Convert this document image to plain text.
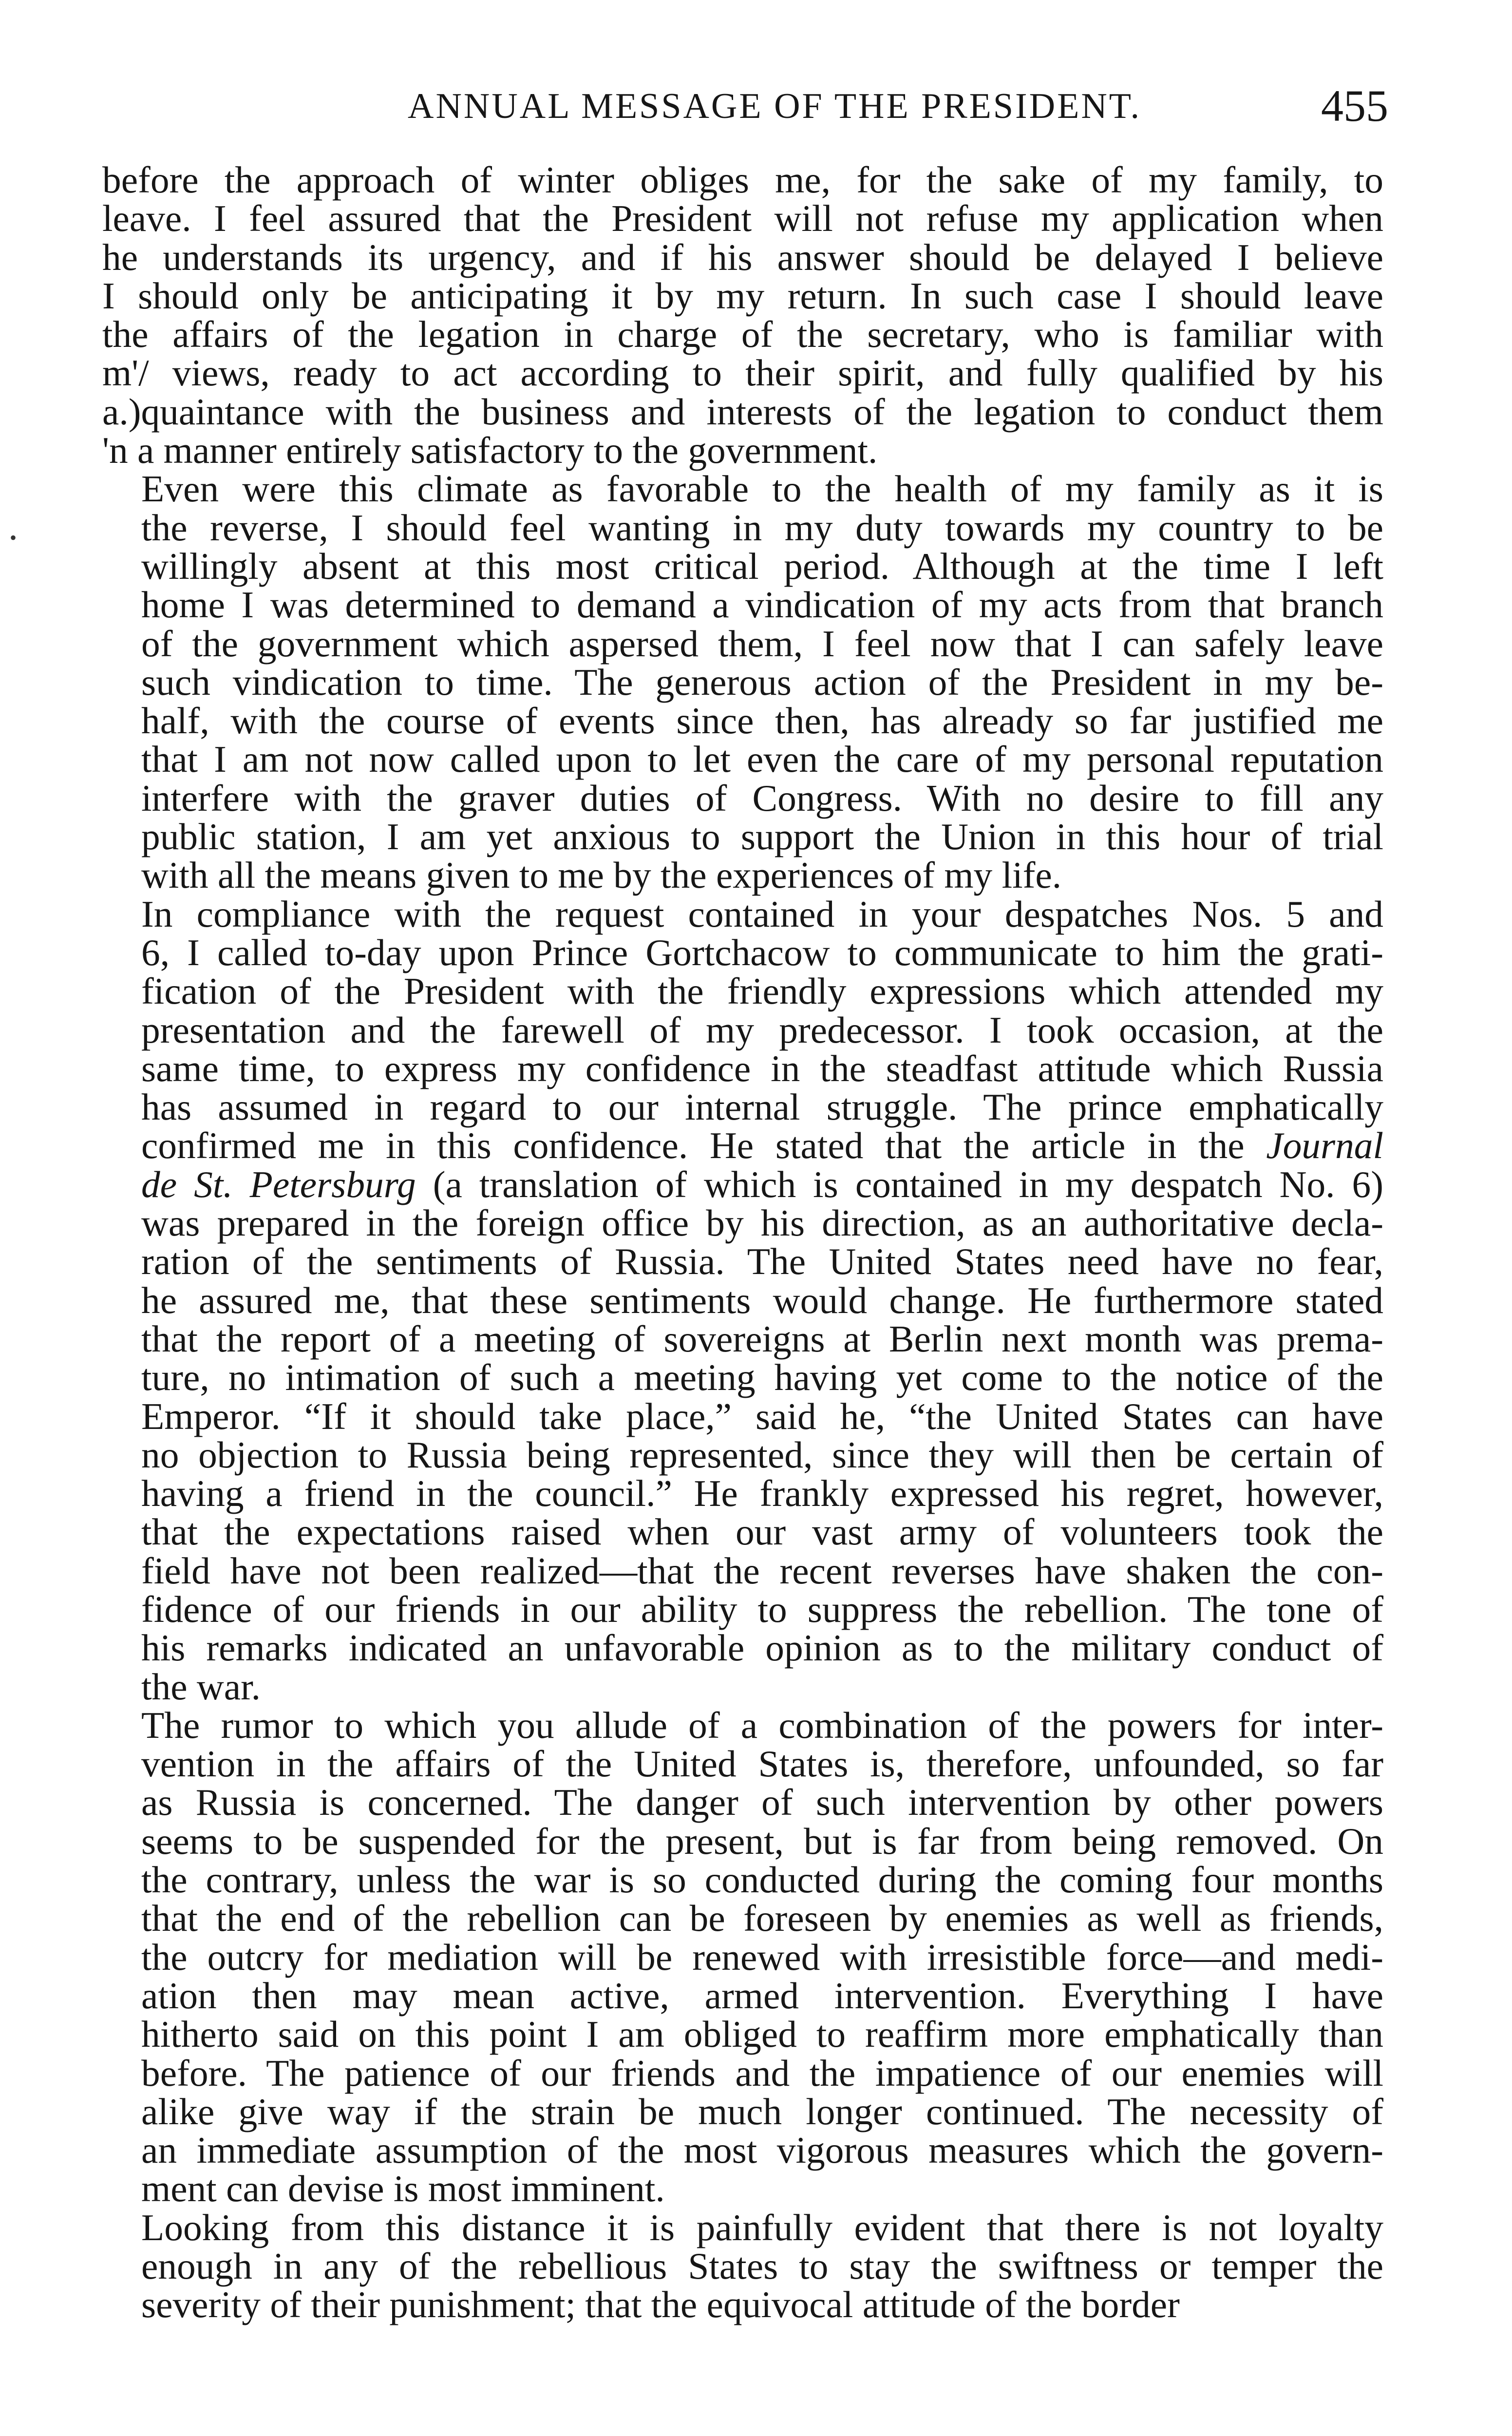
ANNUAL MESSAGE OF THE PRESIDENT.	455
before the approach of winter obliges me, for the sake of my family, to
leave. I feel assured that the President will not refuse my application when
he understands its urgency, and if his answer should be delayed I believe
I should only be anticipating it by my return. In such case I should leave
the affairs of the legation in charge of the secretary, who is familiar with
m'/ views, ready to act according to their spirit, and fully qualified by his
a.)quaintance with the business and interests of the legation to conduct them
'n a manner entirely satisfactory to the government.
Even were this climate as favorable to the health of my family as it is
the reverse, I should feel wanting in my duty towards my country to be
willingly absent at this most critical period. Although at the time I left
home I was determined to demand a vindication of my acts from that branch
of the government which aspersed them, I feel now that I can safely leave
such vindication to time. The generous action of the President in my be-
half, with the course of events since then, has already so far justified me
that I am not now called upon to let even the care of my personal reputation
interfere with the graver duties of Congress. With no desire to fill any
public station, I am yet anxious to support the Union in this hour of trial
with all the means given to me by the experiences of my life.
In compliance with the request contained in your despatches Nos. 5 and
6, I called to-day upon Prince Gortchacow to communicate to him the grati-
fication of the President with the friendly expressions which attended my
presentation and the farewell of my predecessor. I took occasion, at the
same time, to express my confidence in the steadfast attitude which Russia
has assumed in regard to our internal struggle. The prince emphatically
confirmed me in this confidence. He stated that the article in the Journal
de St. Petersburg (a translation of which is contained in my despatch No. 6)
was prepared in the foreign office by his direction, as an authoritative decla-
ration of the sentiments of Russia. The United States need have no fear,
he assured me, that these sentiments would change. He furthermore stated
that the report of a meeting of sovereigns at Berlin next month was prema-
ture, no intimation of such a meeting having yet come to the notice of the
Emperor. “If it should take place,” said he, “the United States can have
no objection to Russia being represented, since they will then be certain of
having a friend in the council.” He frankly expressed his regret, however,
that the expectations raised when our vast army of volunteers took the
field have not been realized—that the recent reverses have shaken the con-
fidence of our friends in our ability to suppress the rebellion. The tone of
his remarks indicated an unfavorable opinion as to the military conduct of
the war.
The rumor to which you allude of a combination of the powers for inter-
vention in the affairs of the United States is, therefore, unfounded, so far
as Russia is concerned. The danger of such intervention by other powers
seems to be suspended for the present, but is far from being removed. On
the contrary, unless the war is so conducted during the coming four months
that the end of the rebellion can be foreseen by enemies as well as friends,
the outcry for mediation will be renewed with irresistible force—and medi-
ation then may mean active, armed intervention. Everything I have
hitherto said on this point I am obliged to reaffirm more emphatically than
before. The patience of our friends and the impatience of our enemies will
alike give way if the strain be much longer continued. The necessity of
an immediate assumption of the most vigorous measures which the govern-
ment can devise is most imminent.
Looking from this distance it is painfully evident that there is not loyalty
enough in any of the rebellious States to stay the swiftness or temper the
severity of their punishment; that the equivocal attitude of the border
•
